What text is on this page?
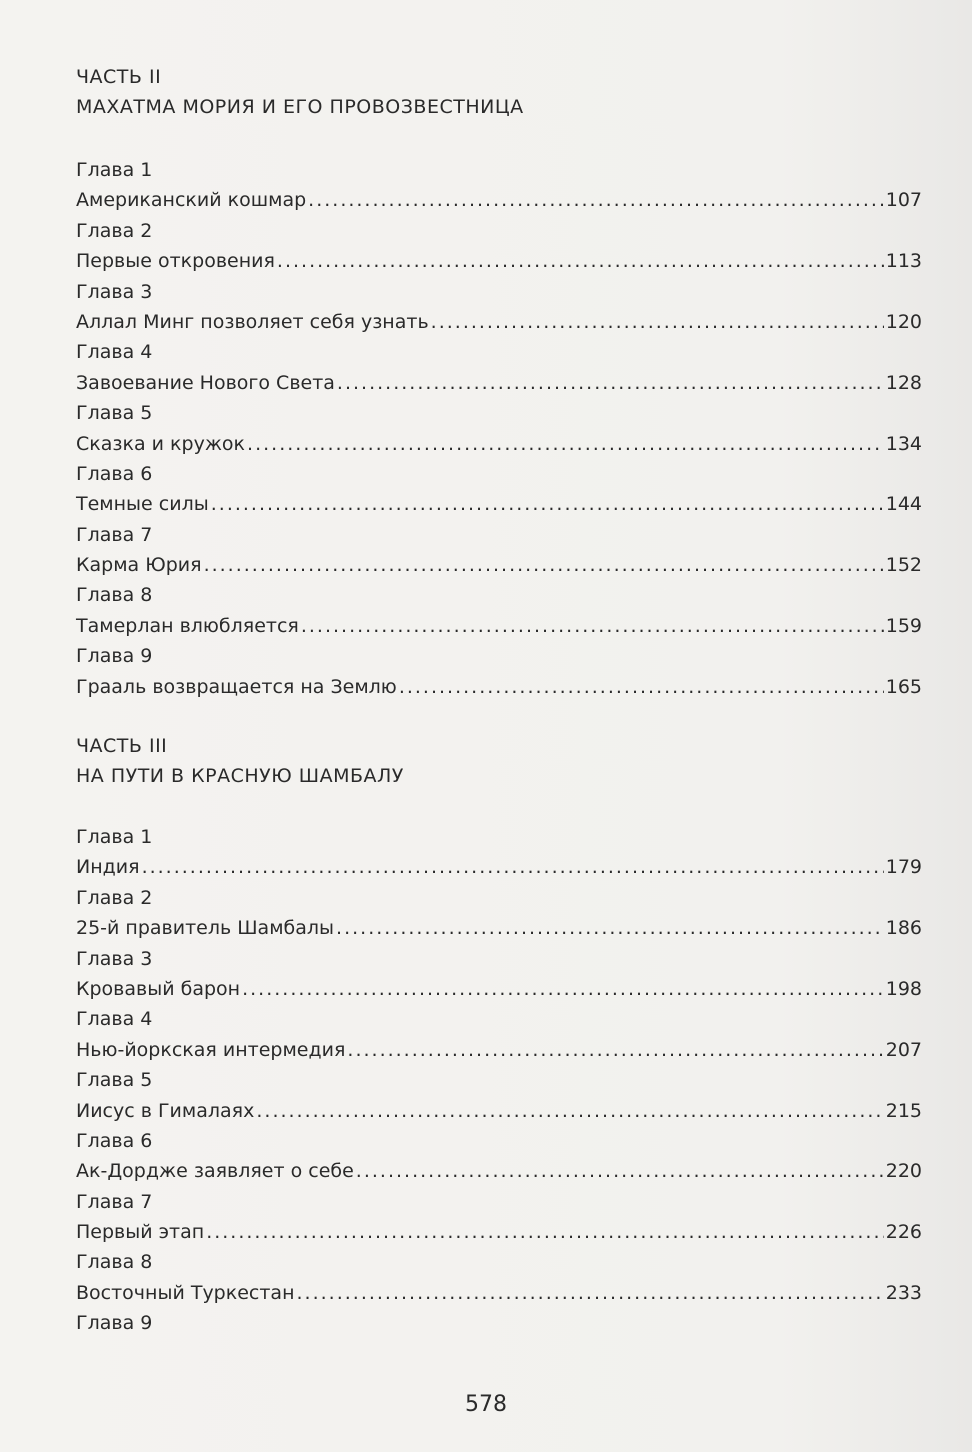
ЧАСТЬ II
МАХАТМА МОРИЯ И ЕГО ПРОВОЗВЕСТНИЦА
Глава 1
Американский кошмар .....	107
Глава 2
Первые откровения .....	113
Глава 3
Аллал Минг позволяет себя узнать .....	120
Глава 4
Завоевание Нового Света .....	128
Глава 5
Сказка и кружок .....	134
Глава 6
Темные силы .....	144
Глава 7
Карма Юрия .....	152
Глава 8
Тамерлан влюбляется .....	159
Глава 9
Грааль возвращается на Землю .....	165
ЧАСТЬ III
НА ПУТИ В КРАСНУЮ ШАМБАЛУ
Глава 1
Индия .....	179
Глава 2
25-й правитель Шамбалы .....	186
Глава 3
Кровавый барон .....	198
Глава 4
Нью-йоркская интермедия .....	207
Глава 5
Иисус в Гималаях .....	215
Глава 6
Ак-Дордже заявляет о себе .....	220
Глава 7
Первый этап .....	226
Глава 8
Восточный Туркестан .....	233
Глава 9
578
